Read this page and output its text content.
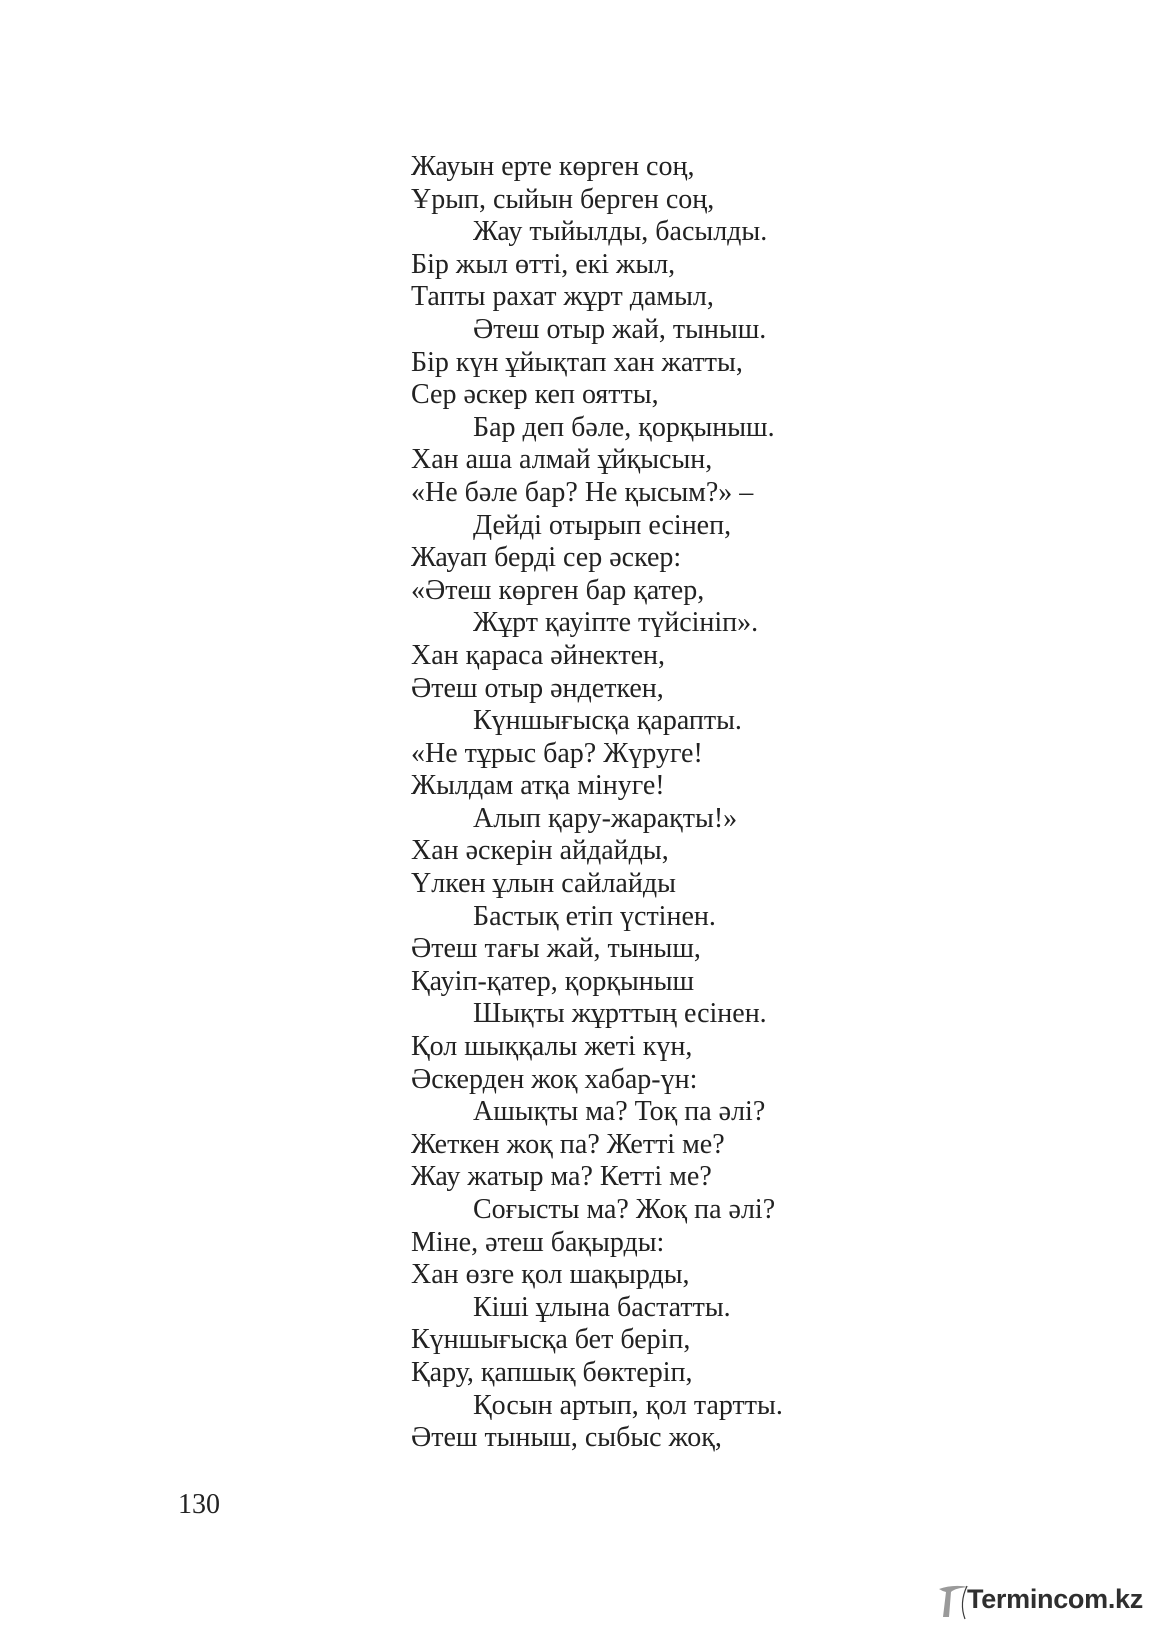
Жауын ерте көрген соң,
Ұрып, сыйын берген соң,
Жау тыйылды, басылды.
Бір жыл өтті, екі жыл,
Тапты рахат жұрт дамыл,
Әтеш отыр жай, тыныш.
Бір күн ұйықтап хан жатты,
Сер әскер кеп оятты,
Бар деп бәле, қорқыныш.
Хан аша алмай ұйқысын,
«Не бәле бар? Не қысым?» –
Дейді отырып есінеп,
Жауап берді сер әскер:
«Әтеш көрген бар қатер,
Жұрт қауіпте түйсініп».
Хан қараса әйнектен,
Әтеш отыр әндеткен,
Күншығысқа қарапты.
«Не тұрыс бар? Жүруге!
Жылдам атқа мінуге!
Алып қару-жарақты!»
Хан әскерін айдайды,
Үлкен ұлын сайлайды
Бастық етіп үстінен.
Әтеш тағы жай, тыныш,
Қауіп-қатер, қорқыныш
Шықты жұрттың есінен.
Қол шыққалы жеті күн,
Әскерден жоқ хабар-үн:
Ашықты ма? Тоқ па әлі?
Жеткен жоқ па? Жетті ме?
Жау жатыр ма? Кетті ме?
Соғысты ма? Жоқ па әлі?
Міне, әтеш бақырды:
Хан өзге қол шақырды,
Кіші ұлына бастатты.
Күншығысқа бет беріп,
Қару, қапшық бөктеріп,
Қосын артып, қол тартты.
Әтеш тыныш, сыбыс жоқ,
130
Termincom.kz
